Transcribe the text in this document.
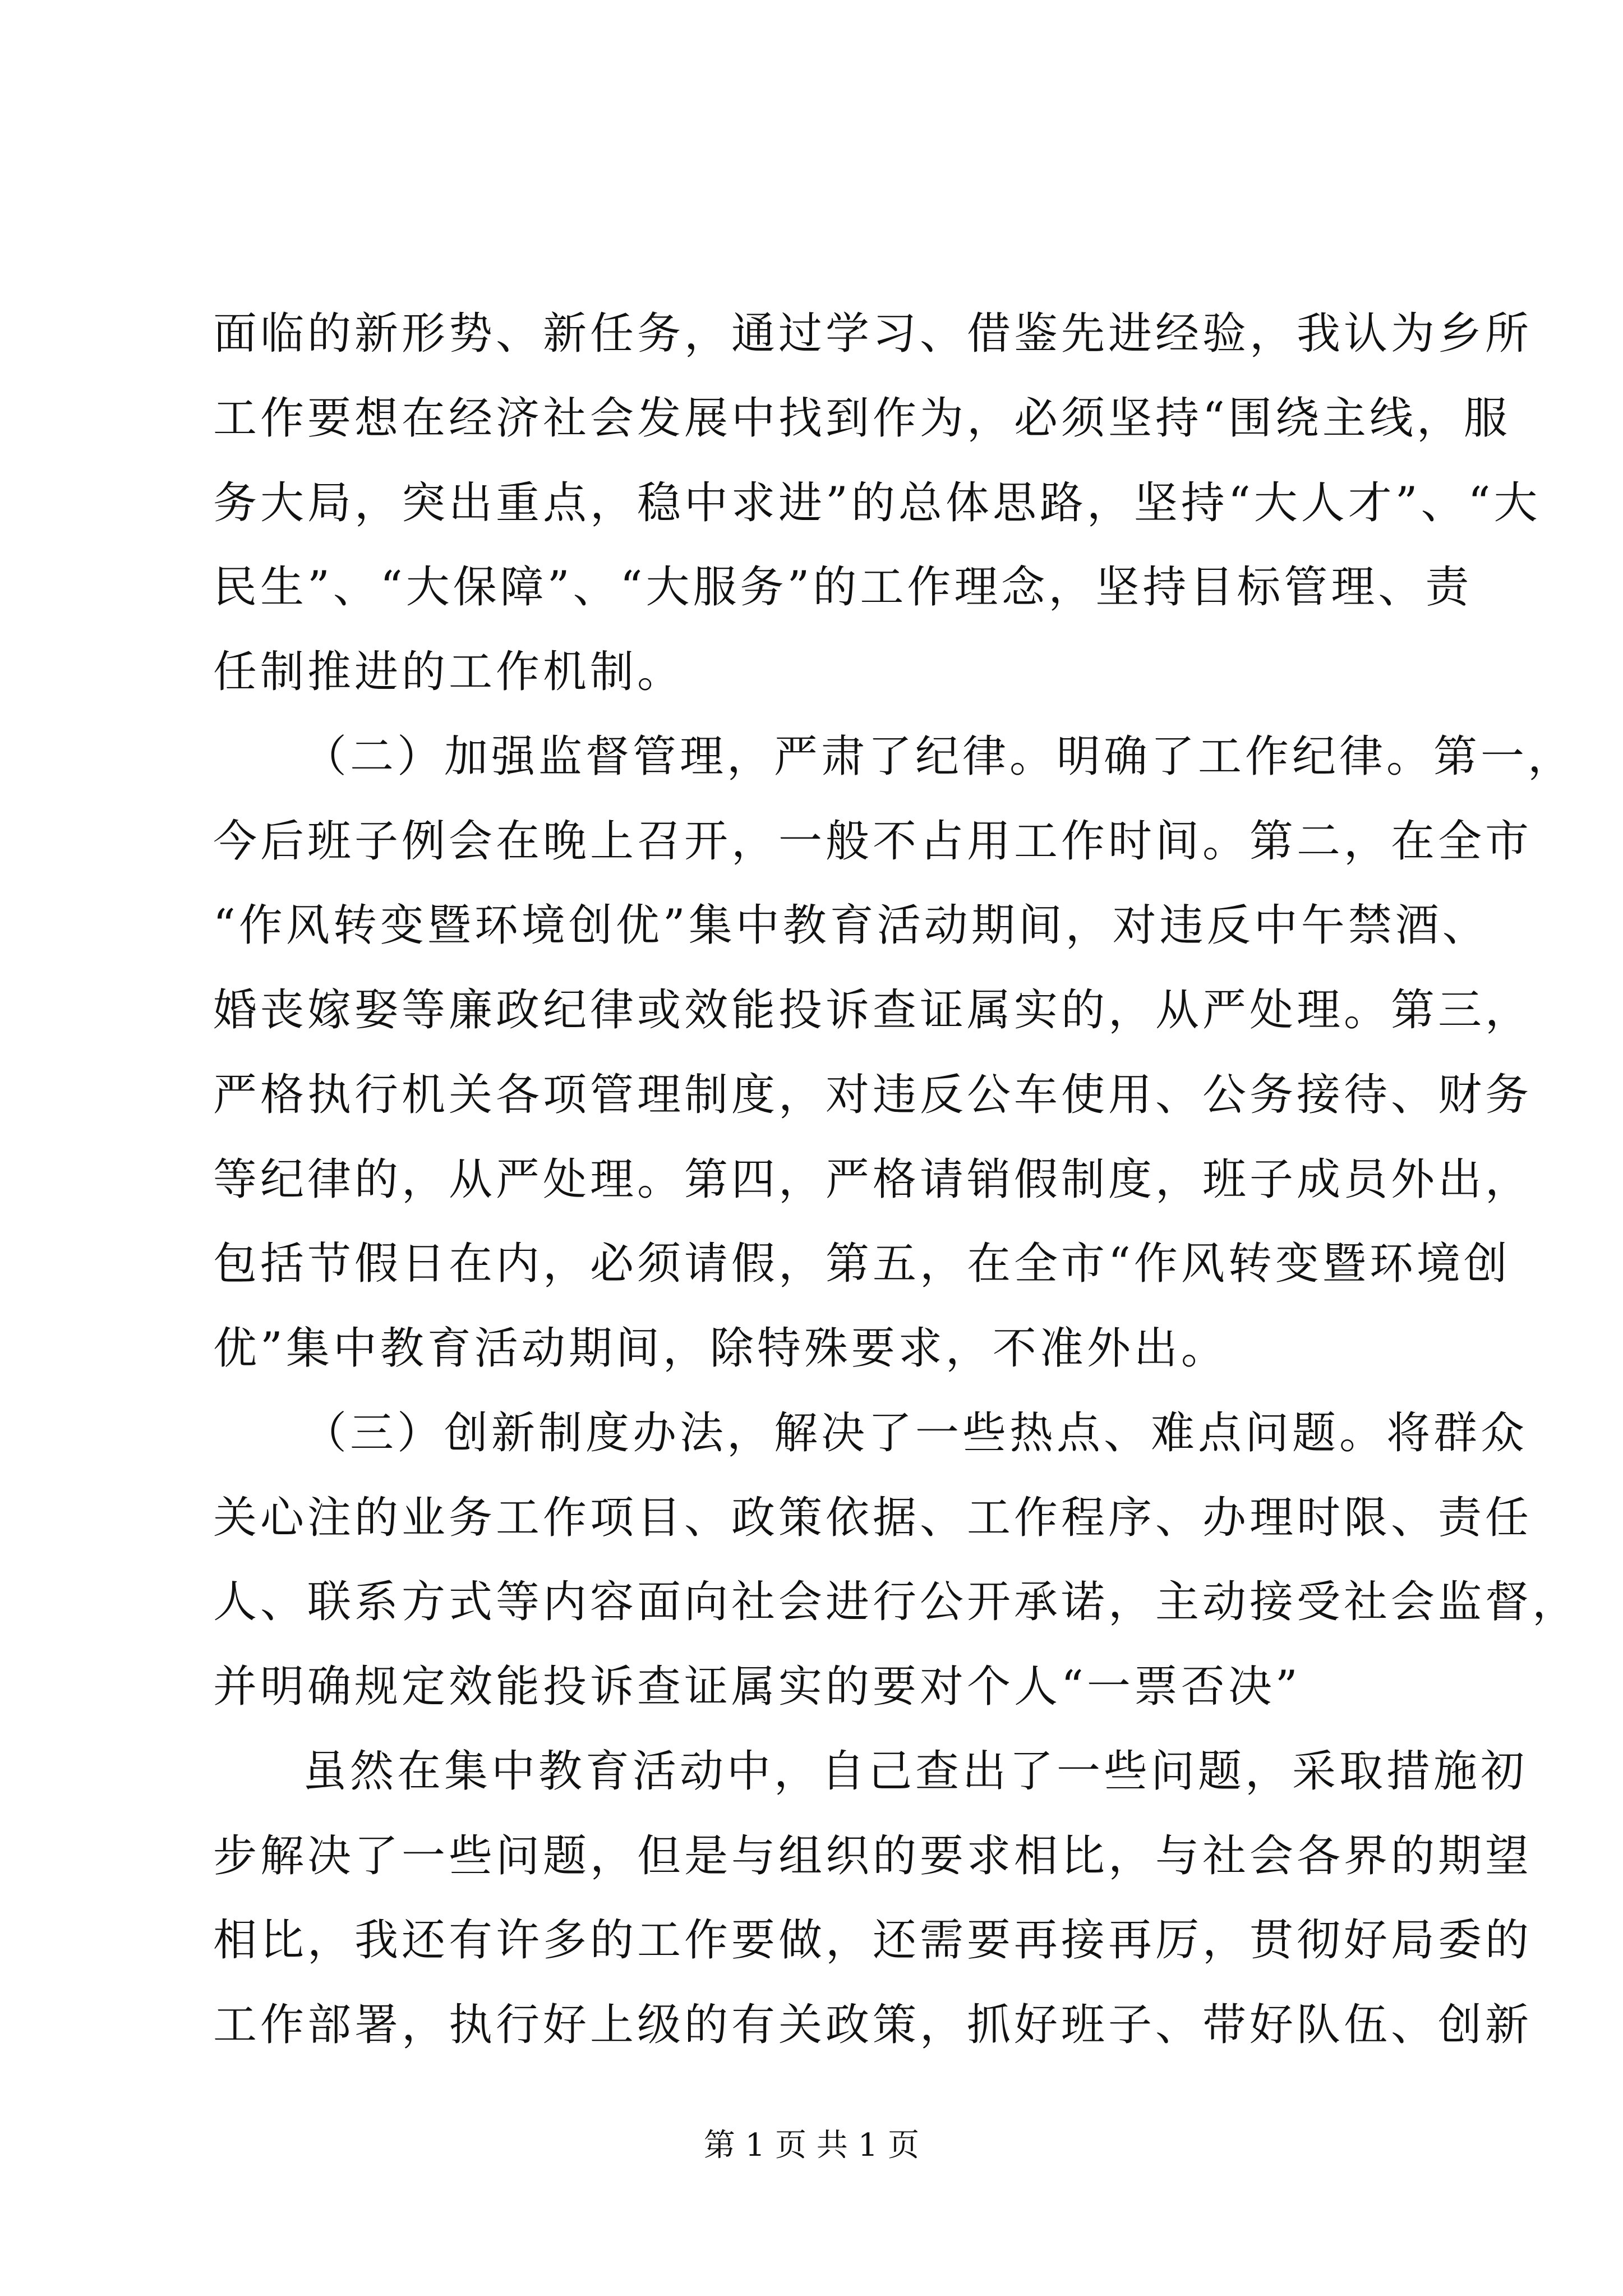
面临的新形势、新任务，通过学习、借鉴先进经验，我认为乡所
工作要想在经济社会发展中找到作为，必须坚持“围绕主线，服
务大局，突出重点，稳中求进”的总体思路，坚持“大人才”、“大
民生”、“大保障”、“大服务”的工作理念，坚持目标管理、责
任制推进的工作机制。
（二）加强监督管理，严肃了纪律。明确了工作纪律。第一，
今后班子例会在晚上召开，一般不占用工作时间。第二，在全市
“作风转变暨环境创优”集中教育活动期间，对违反中午禁酒、
婚丧嫁娶等廉政纪律或效能投诉查证属实的，从严处理。第三，
严格执行机关各项管理制度，对违反公车使用、公务接待、财务
等纪律的，从严处理。第四，严格请销假制度，班子成员外出，
包括节假日在内，必须请假，第五，在全市“作风转变暨环境创
优”集中教育活动期间，除特殊要求，不准外出。
（三）创新制度办法，解决了一些热点、难点问题。将群众
关心注的业务工作项目、政策依据、工作程序、办理时限、责任
人、联系方式等内容面向社会进行公开承诺，主动接受社会监督，
并明确规定效能投诉查证属实的要对个人“一票否决”
虽然在集中教育活动中，自己查出了一些问题，采取措施初
步解决了一些问题，但是与组织的要求相比，与社会各界的期望
相比，我还有许多的工作要做，还需要再接再厉，贯彻好局委的
工作部署，执行好上级的有关政策，抓好班子、带好队伍、创新
第 1 页 共 1 页
